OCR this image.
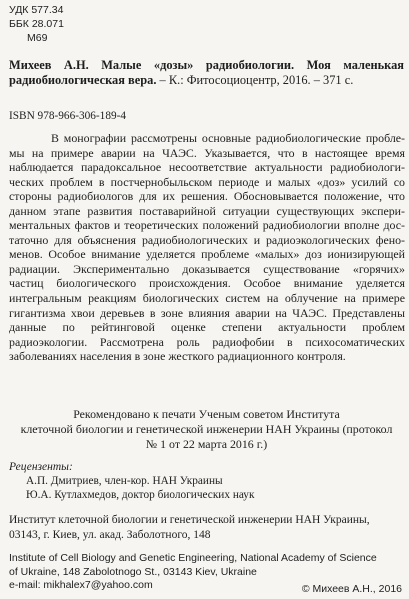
УДК 577.34
ББК 28.071
М69

Михеев А.Н. Малые «дозы» радиобиологии. Моя маленькая радиобиологическая вера. – К.: Фитосоциоцентр, 2016. – 371 с.

ISBN 978-966-306-189-4
В монографии рассмотрены основные радиобиологические пробле-
мы на примере аварии на ЧАЭС. Указывается, что в настоящее время
наблюдается парадоксальное несоответствие актуальности радиобиологи-
ческих проблем в постчернобыльском периоде и малых «доз» усилий со
стороны радиобиологов для их решения. Обосновывается положение, что
данном этапе развития поставарийной ситуации существующих экспери-
ментальных фактов и теоретических положений радиобиологии вполне дос-
таточно для объяснения радиобиологических и радиоэкологических фено-
менов. Особое внимание уделяется проблеме «малых» доз ионизирующей
радиации. Экспериментально доказывается существование «горячих»
частиц биологического происхождения. Особое внимание уделяется
интегральным реакциям биологических систем на облучение на примере
гигантизма хвои деревьев в зоне влияния аварии на ЧАЭС. Представлены
данные по рейтинговой оценке степени актуальности проблем
радиоэкологии. Рассмотрена роль радиофобии в психосоматических
заболеваниях населения в зоне жесткого радиационного контроля.
Рекомендовано к печати Ученым советом Института
клеточной биологии и генетической инженерии НАН Украины (протокол
№ 1 от 22 марта 2016 г.)
Рецензенты:
А.П. Дмитриев, член-кор. НАН Украины
Ю.А. Кутлахмедов, доктор биологических наук
Институт клеточной биологии и генетической инженерии НАН Украины,
03143, г. Киев, ул. акад. Заболотного, 148
Institute of Cell Biology and Genetic Engineering, National Academy of Science
of Ukraine, 148 Zabolotnogo St., 03143 Kiev, Ukraine
e-mail: mikhalex7@yahoo.com	© Михеев А.Н., 2016
